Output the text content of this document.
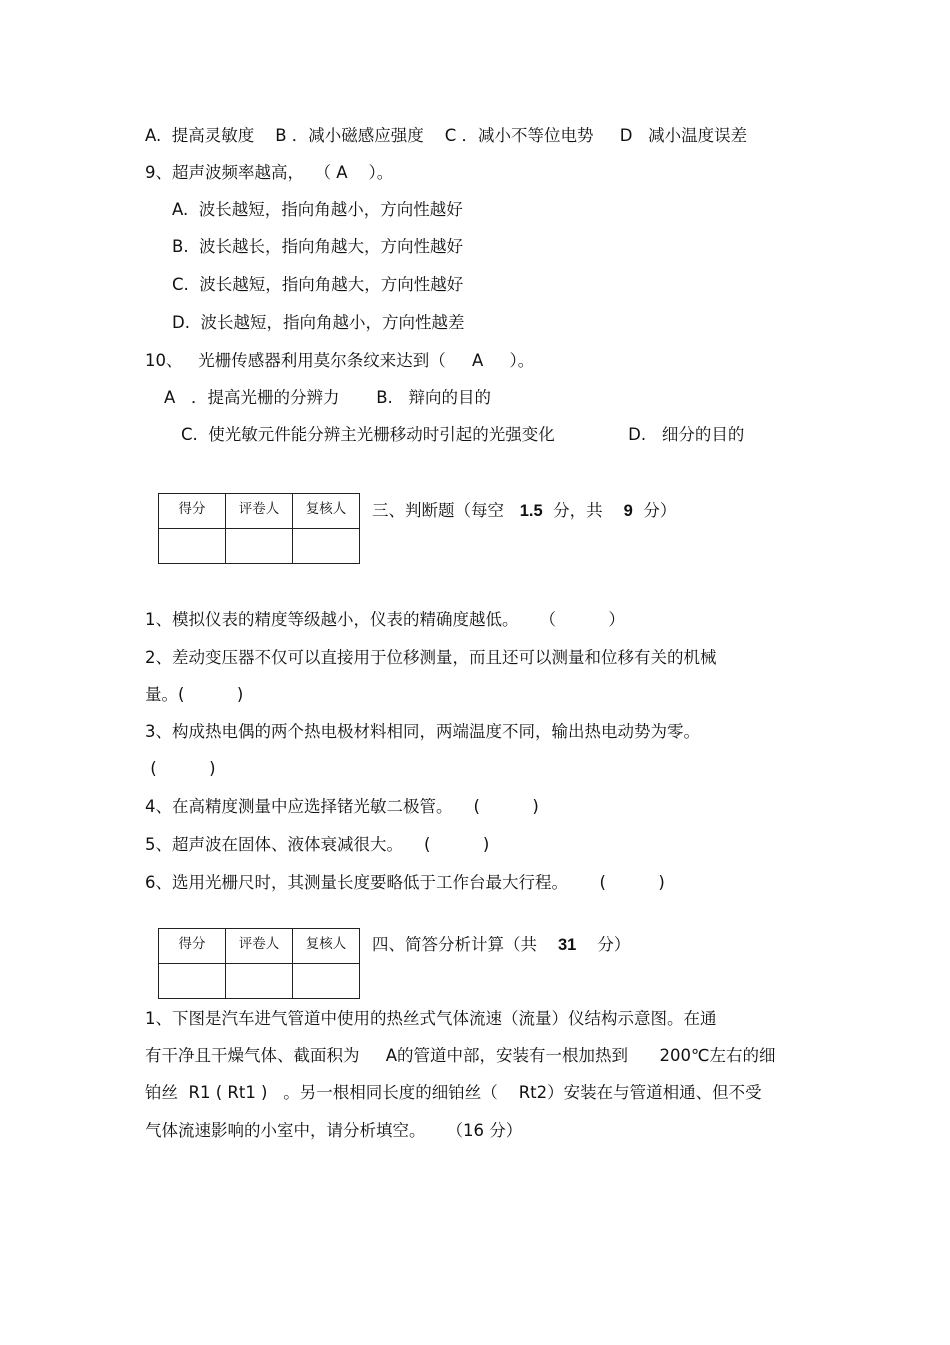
A.  提高灵敏度    B ．减小磁感应强度    C ．减小不等位电势     D   减小温度误差
9、超声波频率越高，  （ A    ）。
A.  波长越短，指向角越小，方向性越好
B.  波长越长，指向角越大，方向性越好
C.  波长越短，指向角越大，方向性越好
D.  波长越短，指向角越小，方向性越差
10、   光栅传感器利用莫尔条纹来达到（     A     ）。
A   ．提高光栅的分辨力       B.   辩向的目的
C.  使光敏元件能分辨主光栅移动时引起的光强变化              D.   细分的目的
得分	评卷人	复核人
		三、判断题（每空   1.5  分，共    9  分）
1、模拟仪表的精度等级越小，仪表的精确度越低。    （          ）
2、差动变压器不仅可以直接用于位移测量，而且还可以测量和位移有关的机械
量。(          )
3、构成热电偶的两个热电极材料相同，两端温度不同，输出热电动势为零。
(          )
4、在高精度测量中应选择锗光敏二极管。    (          )
5、超声波在固体、液体衰减很大。    (          )
6、选用光栅尺时，其测量长度要略低于工作台最大行程。      (          )
得分	评卷人	复核人
		四、简答分析计算（共    31    分）
1、下图是汽车进气管道中使用的热丝式气体流速（流量）仪结构示意图。在通
有干净且干燥气体、截面积为     A的管道中部，安装有一根加热到      200℃左右的细
铂丝  R1 ( Rt1 )   。另一根相同长度的细铂丝（    Rt2）安装在与管道相通、但不受
气体流速影响的小室中，请分析填空。    （16 分）
